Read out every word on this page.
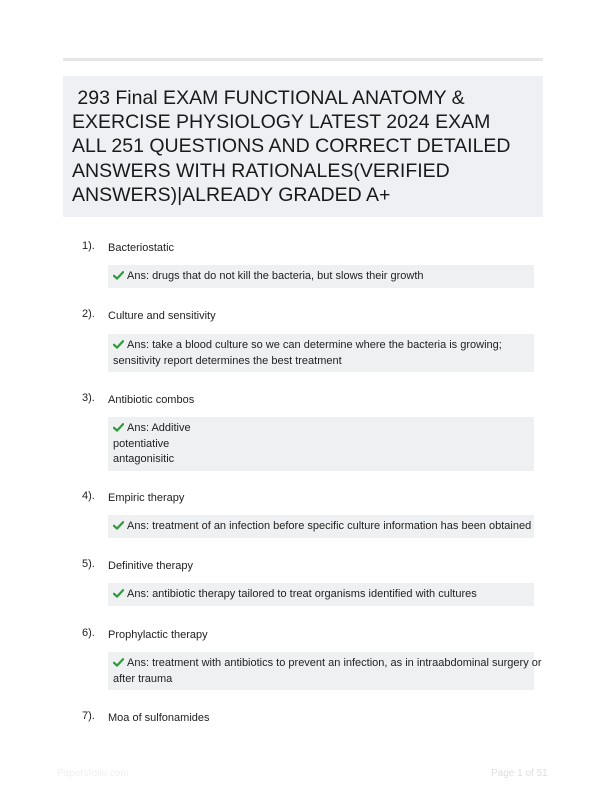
293 Final EXAM FUNCTIONAL ANATOMY &
EXERCISE PHYSIOLOGY LATEST 2024 EXAM
ALL 251 QUESTIONS AND CORRECT DETAILED
ANSWERS WITH RATIONALES(VERIFIED
ANSWERS)|ALREADY GRADED A+
1). Bacteriostatic
Ans: drugs that do not kill the bacteria, but slows their growth
2). Culture and sensitivity
Ans: take a blood culture so we can determine where the bacteria is growing;
sensitivity report determines the best treatment
3). Antibiotic combos
Ans: Additive
potentiative
antagonisitic
4). Empiric therapy
Ans: treatment of an infection before specific culture information has been obtained
5). Definitive therapy
Ans: antibiotic therapy tailored to treat organisms identified with cultures
6). Prophylactic therapy
Ans: treatment with antibiotics to prevent an infection, as in intraabdominal surgery or
after trauma
7). Moa of sulfonamides
Papersfolio.com	Page 1 of 51
